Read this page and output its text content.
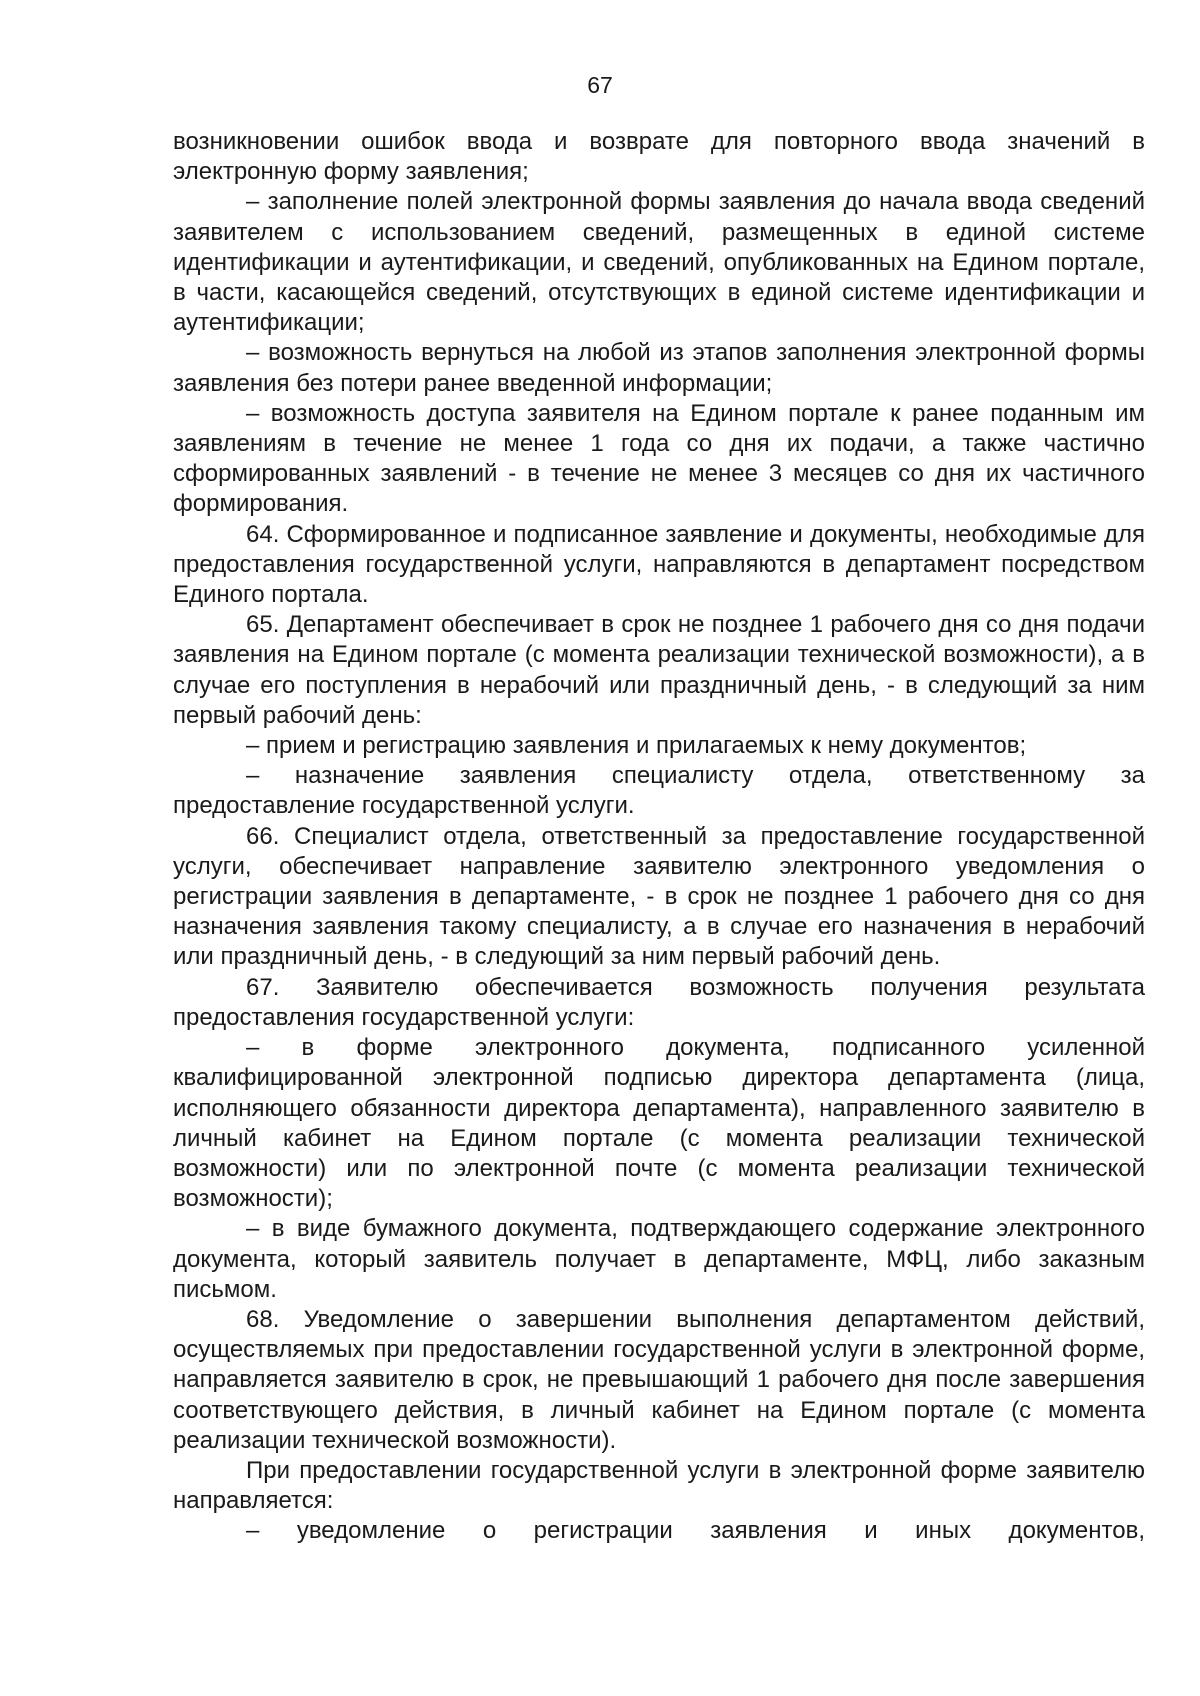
67

возникновении ошибок ввода и возврате для повторного ввода значений в электронную форму заявления;

– заполнение полей электронной формы заявления до начала ввода сведений заявителем с использованием сведений, размещенных в единой системе идентификации и аутентификации, и сведений, опубликованных на Едином портале, в части, касающейся сведений, отсутствующих в единой системе идентификации и аутентификации;

– возможность вернуться на любой из этапов заполнения электронной формы заявления без потери ранее введенной информации;

– возможность доступа заявителя на Едином портале к ранее поданным им заявлениям в течение не менее 1 года со дня их подачи, а также частично сформированных заявлений - в течение не менее 3 месяцев со дня их частичного формирования.

64. Сформированное и подписанное заявление и документы, необходимые для предоставления государственной услуги, направляются в департамент посредством Единого портала.

65. Департамент обеспечивает в срок не позднее 1 рабочего дня со дня подачи заявления на Едином портале (с момента реализации технической возможности), а в случае его поступления в нерабочий или праздничный день, - в следующий за ним первый рабочий день:

– прием и регистрацию заявления и прилагаемых к нему документов;

– назначение заявления специалисту отдела, ответственному за предоставление государственной услуги.

66. Специалист отдела, ответственный за предоставление государственной услуги, обеспечивает направление заявителю электронного уведомления о регистрации заявления в департаменте, - в срок не позднее 1 рабочего дня со дня назначения заявления такому специалисту, а в случае его назначения в нерабочий или праздничный день, - в следующий за ним первый рабочий день.

67. Заявителю обеспечивается возможность получения результата предоставления государственной услуги:

– в форме электронного документа, подписанного усиленной квалифицированной электронной подписью директора департамента (лица, исполняющего обязанности директора департамента), направленного заявителю в личный кабинет на Едином портале (с момента реализации технической возможности) или по электронной почте (с момента реализации технической возможности);

– в виде бумажного документа, подтверждающего содержание электронного документа, который заявитель получает в департаменте, МФЦ, либо заказным письмом.

68. Уведомление о завершении выполнения департаментом действий, осуществляемых при предоставлении государственной услуги в электронной форме, направляется заявителю в срок, не превышающий 1 рабочего дня после завершения соответствующего действия, в личный кабинет на Едином портале (с момента реализации технической возможности).

При предоставлении государственной услуги в электронной форме заявителю направляется:

– уведомление о регистрации заявления и иных документов,
